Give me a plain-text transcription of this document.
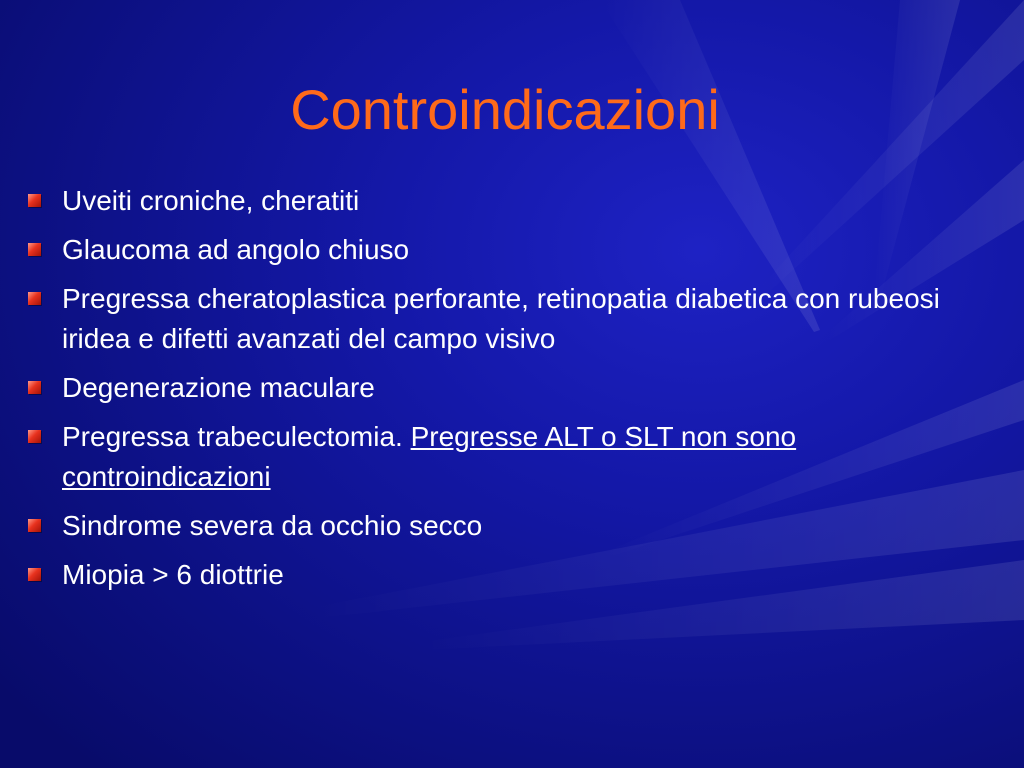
Controindicazioni
Uveiti croniche, cheratiti
Glaucoma ad angolo chiuso
Pregressa cheratoplastica perforante, retinopatia diabetica con rubeosi iridea e difetti avanzati del campo visivo
Degenerazione maculare
Pregressa trabeculectomia. Pregresse ALT o SLT non sono controindicazioni
Sindrome severa da occhio secco
Miopia > 6 diottrie
